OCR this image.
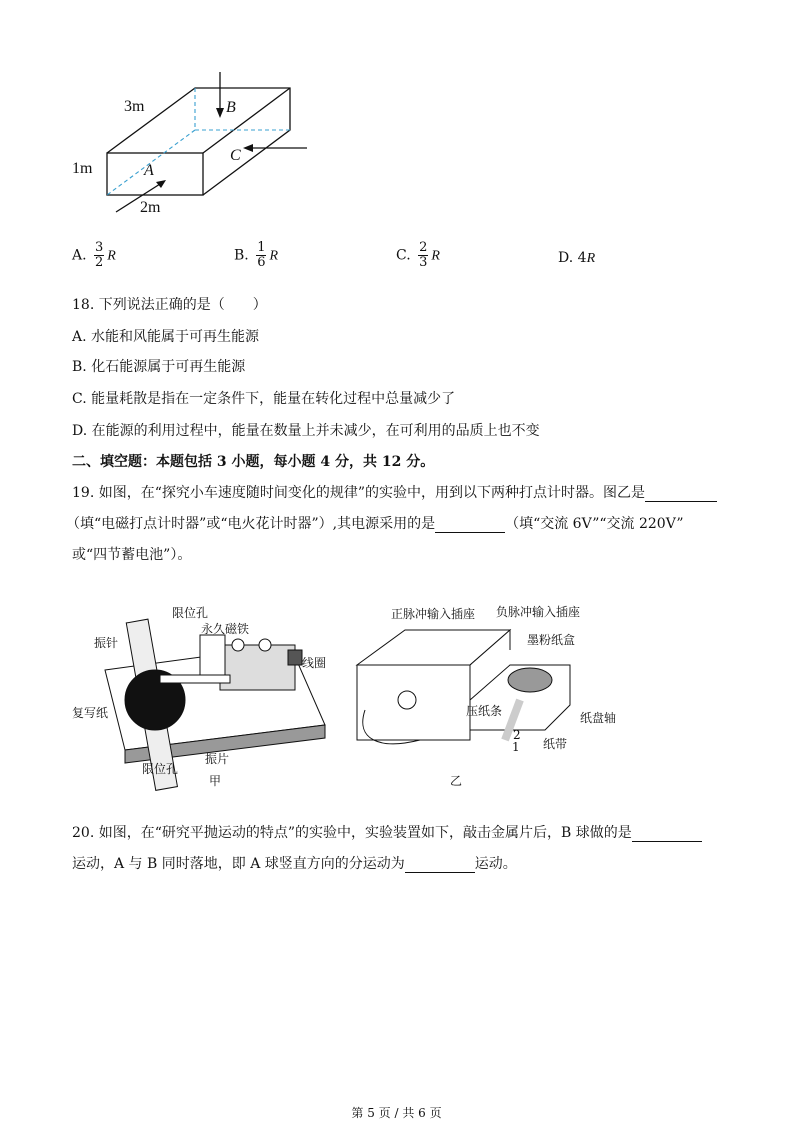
3m
1m
2m
B
C
A
A. $\frac{3}{2}$ R	B. $\frac{1}{6}$ R	C. $\frac{2}{3}$ R	D. 4R
18. 下列说法正确的是（　　）
A. 水能和风能属于可再生能源
B. 化石能源属于可再生能源
C. 能量耗散是指在一定条件下，能量在转化过程中总量减少了
D. 在能源的利用过程中，能量在数量上并未减少，在可利用的品质上也不变
二、填空题：本题包括 3 小题，每小题 4 分，共 12 分。
19. 如图，在“探究小车速度随时间变化的规律”的实验中，用到以下两种打点计时器。图乙是
（填“电磁打点计时器”或“电火花计时器”）,其电源采用的是	（填“交流 6V”“交流 220V”
或“四节蓄电池”）。
限位孔
永久磁铁
振针
线圈
复写纸
限位孔
振片
甲
正脉冲输入插座 负脉冲输入插座
墨粉纸盒
压纸条	纸盘轴
纸带
2
1
乙
20. 如图，在“研究平抛运动的特点”的实验中，实验装置如下，敲击金属片后，B 球做的是
运动，A 与 B 同时落地，即 A 球竖直方向的分运动为	运动。
第 5 页 / 共 6 页
